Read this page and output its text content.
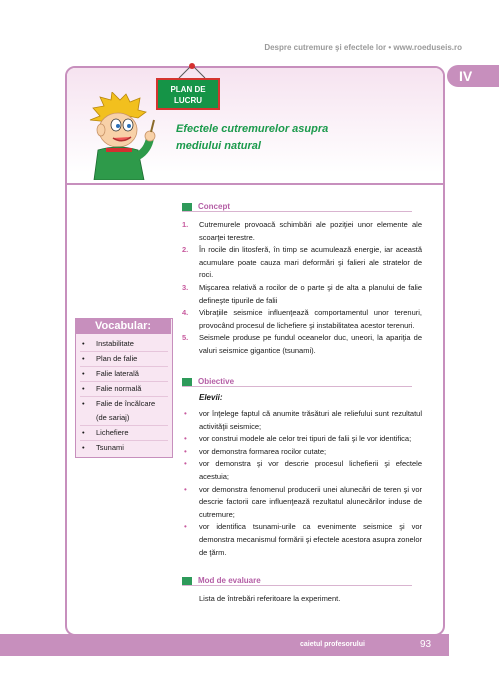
Despre cutremure şi efectele lor • www.roeduseis.ro
IV
PLAN DE
LUCRU
Efectele cutremurelor asupra
mediului natural
Concept
1. Cutremurele provoacă schimbări ale poziţiei unor elemente ale scoarţei terestre.
2. În rocile din litosferă, în timp se acumulează energie, iar această acumulare poate cauza mari deformări şi falieri ale stratelor de roci.
3. Mişcarea relativă a rocilor de o parte şi de alta a planului de falie defineşte tipurile de falii
4. Vibraţiile seismice influenţează comportamentul unor terenuri, provocând procesul de lichefiere şi instabilitatea acestor terenuri.
5. Seismele produse pe fundul oceanelor duc, uneori, la apariţia de valuri seismice gigantice (tsunami).
Vocabular:
• Instabilitate
• Plan de falie
• Falie laterală
• Falie normală
• Falie de încălcare (de sariaj)
• Lichefiere
• Tsunami
Obiective
Elevii:
• vor înţelege faptul că anumite trăsături ale reliefului sunt rezultatul activităţii seismice;
• vor construi modele ale celor trei tipuri de falii şi le vor identifica;
• vor demonstra formarea rocilor cutate;
• vor demonstra şi vor descrie procesul lichefierii şi efectele acestuia;
• vor demonstra fenomenul producerii unei alunecări de teren şi vor descrie factorii care influenţează rezultatul alunecărilor induse de cutremure;
• vor identifica tsunami-urile ca evenimente seismice şi vor demonstra mecanismul formării şi efectele acestora asupra zonelor de ţărm.
Mod de evaluare
Lista de întrebări referitoare la experiment.
caietul profesorului	93
